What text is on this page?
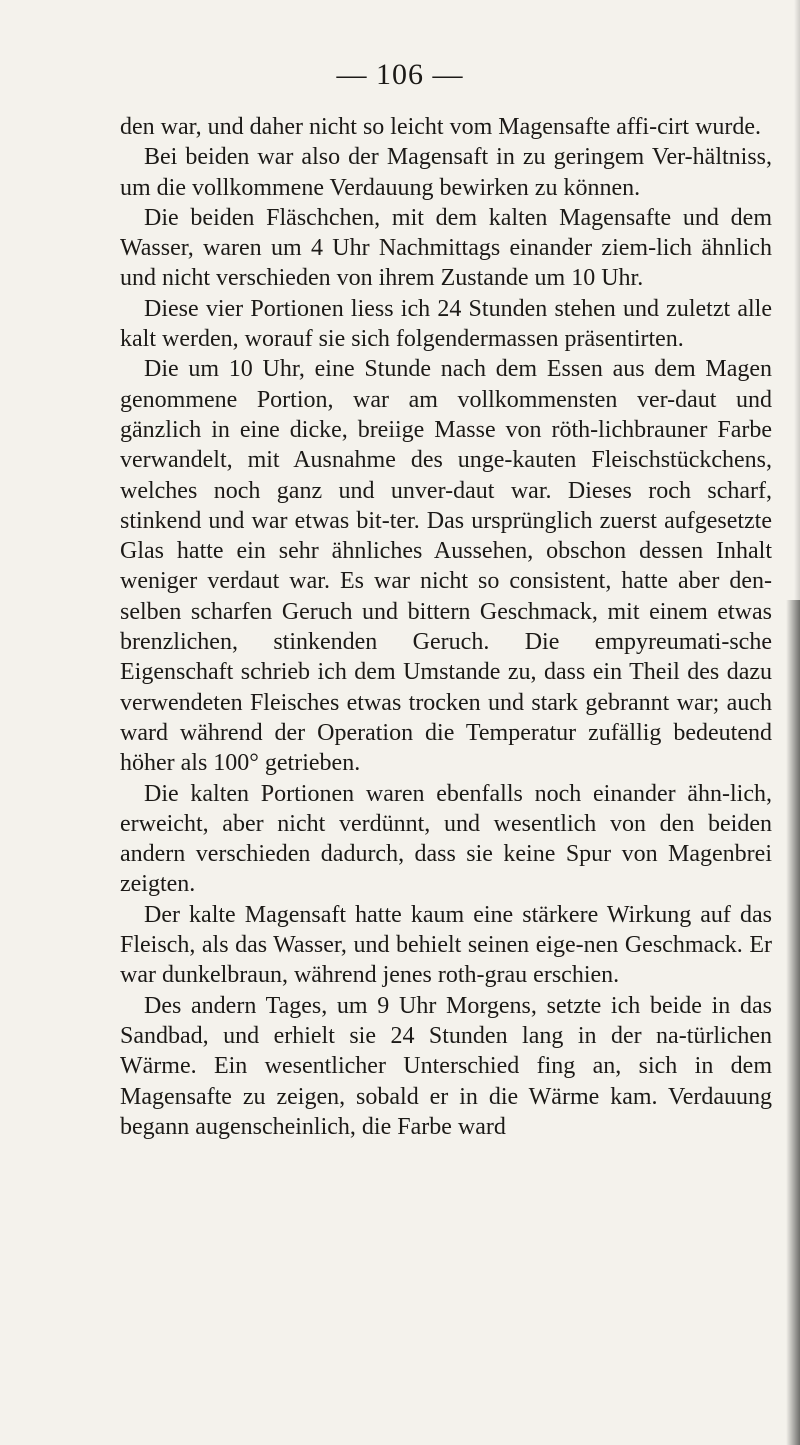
— 106 —

den war, und daher nicht so leicht vom Magensafte affi-cirt wurde.

Bei beiden war also der Magensaft in zu geringem Ver-hältniss, um die vollkommene Verdauung bewirken zu können.

Die beiden Fläschchen, mit dem kalten Magensafte und dem Wasser, waren um 4 Uhr Nachmittags einander ziem-lich ähnlich und nicht verschieden von ihrem Zustande um 10 Uhr.

Diese vier Portionen liess ich 24 Stunden stehen und zuletzt alle kalt werden, worauf sie sich folgendermassen präsentirten.

Die um 10 Uhr, eine Stunde nach dem Essen aus dem Magen genommene Portion, war am vollkommensten ver-daut und gänzlich in eine dicke, breiige Masse von röth-lichbrauner Farbe verwandelt, mit Ausnahme des unge-kauten Fleischstückchens, welches noch ganz und unver-daut war. Dieses roch scharf, stinkend und war etwas bit-ter. Das ursprünglich zuerst aufgesetzte Glas hatte ein sehr ähnliches Aussehen, obschon dessen Inhalt weniger verdaut war. Es war nicht so consistent, hatte aber den-selben scharfen Geruch und bittern Geschmack, mit einem etwas brenzlichen, stinkenden Geruch. Die empyreumati-sche Eigenschaft schrieb ich dem Umstande zu, dass ein Theil des dazu verwendeten Fleisches etwas trocken und stark gebrannt war; auch ward während der Operation die Temperatur zufällig bedeutend höher als 100° getrieben.

Die kalten Portionen waren ebenfalls noch einander ähn-lich, erweicht, aber nicht verdünnt, und wesentlich von den beiden andern verschieden dadurch, dass sie keine Spur von Magenbrei zeigten.

Der kalte Magensaft hatte kaum eine stärkere Wirkung auf das Fleisch, als das Wasser, und behielt seinen eige-nen Geschmack. Er war dunkelbraun, während jenes roth-grau erschien.

Des andern Tages, um 9 Uhr Morgens, setzte ich beide in das Sandbad, und erhielt sie 24 Stunden lang in der na-türlichen Wärme. Ein wesentlicher Unterschied fing an, sich in dem Magensafte zu zeigen, sobald er in die Wärme kam. Verdauung begann augenscheinlich, die Farbe ward
